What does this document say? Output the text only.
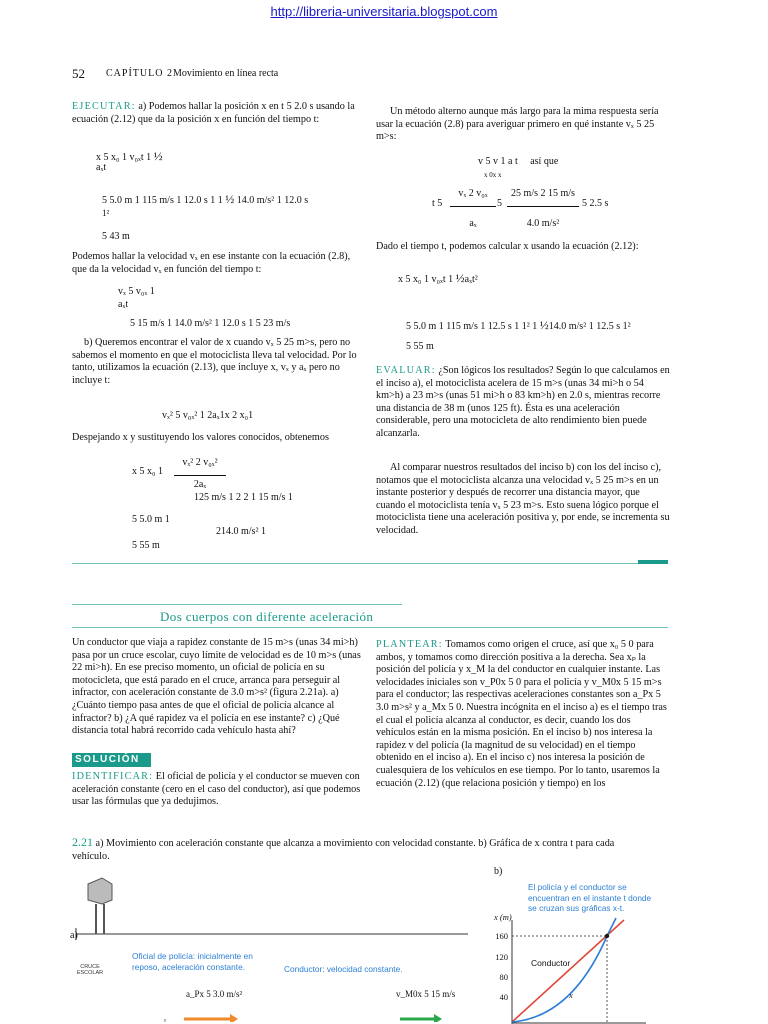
http://libreria-universitaria.blogspot.com
52 CAPÍTULO 2 Movimiento en línea recta
EJECUTAR: a) Podemos hallar la posición x en t 5 2.0 s usando la ecuación (2.12) que da la posición x en función del tiempo t:
x 5 x₀ 1 v₀ₓt 1 ½
aₓt
5 5.0 m 1 115 m/s 1 12.0 s 1 1 ½ 14.0 m/s² 1 12.0 s
1²
5 43 m
Podemos hallar la velocidad vₓ en ese instante con la ecuación (2.8), que da la velocidad vₓ en función del tiempo t:
vₓ 5 v₀ₓ 1
aₓt
5 15 m/s 1 14.0 m/s² 1 12.0 s 1 5 23 m/s
b) Queremos encontrar el valor de x cuando vₓ 5 25 m>s, pero no sabemos el momento en que el motociclista lleva tal velocidad. Por lo tanto, utilizamos la ecuación (2.13), que incluye x, vₓ y aₓ pero no incluye t:
vₓ² 5 v₀ₓ² 1 2aₓ1x 2 x₀1
Despejando x y sustituyendo los valores conocidos, obtenemos
x 5 x₀ 1
vₓ² 2 v₀ₓ²
2aₓ
125 m/s 1 2 2 1 15 m/s 1
5 5.0 m 1
214.0 m/s² 1
5 55 m
Un método alterno aunque más largo para la mima respuesta sería usar la ecuación (2.8) para averiguar primero en qué instante vₓ 5 25 m>s:
v 5 v 1 a t así que
x 0x x
t 5
vₓ 2 v₀ₓ
aₓ
5
25 m/s 2 15 m/s
4.0 m/s²
5 2.5 s
Dado el tiempo t, podemos calcular x usando la ecuación (2.12):
x 5 x₀ 1 v₀ₓt 1 ½aₓt²
5 5.0 m 1 115 m/s 1 12.5 s 1 1² 1 ½14.0 m/s² 1 12.5 s 1²
5 55 m
EVALUAR: ¿Son lógicos los resultados? Según lo que calculamos en el inciso a), el motociclista acelera de 15 m>s (unas 34 mi>h o 54 km>h) a 23 m>s (unas 51 mi>h o 83 km>h) en 2.0 s, mientras recorre una distancia de 38 m (unos 125 ft). Ésta es una aceleración considerable, pero una motocicleta de alto rendimiento bien puede alcanzarla.
Al comparar nuestros resultados del inciso b) con los del inciso c), notamos que el motociclista alcanza una velocidad vₓ 5 25 m>s en un instante posterior y después de recorrer una distancia mayor, que cuando el motociclista tenía vₓ 5 23 m>s. Esto suena lógico porque el motociclista tiene una aceleración positiva y, por ende, se incrementa su velocidad.
Dos cuerpos con diferente aceleración
Un conductor que viaja a rapidez constante de 15 m>s (unas 34 mi>h) pasa por un cruce escolar, cuyo límite de velocidad es de 10 m>s (unas 22 mi>h). En ese preciso momento, un oficial de policía en su motocicleta, que está parado en el cruce, arranca para perseguir al infractor, con aceleración constante de 3.0 m>s² (figura 2.21a). a) ¿Cuánto tiempo pasa antes de que el oficial de policía alcance al infractor? b) ¿A qué rapidez va el policía en ese instante? c) ¿Qué distancia total habrá recorrido cada vehículo hasta ahí?
SOLUCIÓN
IDENTIFICAR: El oficial de policía y el conductor se mueven con aceleración constante (cero en el caso del conductor), así que podemos usar las fórmulas que ya dedujimos.
PLANTEAR: Tomamos como origen el cruce, así que x₀ 5 0 para ambos, y tomamos como dirección positiva a la derecha. Sea xₚ la posición del policía y x_M la del conductor en cualquier instante. Las velocidades iniciales son v_P0x 5 0 para el policía y v_M0x 5 15 m>s para el conductor; las respectivas aceleraciones constantes son a_Px 5 3.0 m>s² y a_Mx 5 0. Nuestra incógnita en el inciso a) es el tiempo tras el cual el policía alcanza al conductor, es decir, cuando los dos vehículos están en la misma posición. En el inciso b) nos interesa la rapidez v del policía (la magnitud de su velocidad) en el tiempo obtenido en el inciso a). En el inciso c) nos interesa la posición de cualesquiera de los vehículos en ese tiempo. Por lo tanto, usaremos la ecuación (2.12) (que relaciona posición y tiempo) en los
2.21 a) Movimiento con aceleración constante que alcanza a movimiento con velocidad constante. b) Gráfica de x contra t para cada vehículo.
a)
ᵖ
CRUCE ESCOLAR
Oficial de policía: inicialmente en reposo, aceleración constante.	Conductor: velocidad constante.
a_Px 5 3.0 m/s²	v_M0x 5 15 m/s
b)
El policía y el conductor se encuentran en el instante t donde se cruzan sus gráficas x-t.
x (m)
160
120
80
40
Conductor
x
